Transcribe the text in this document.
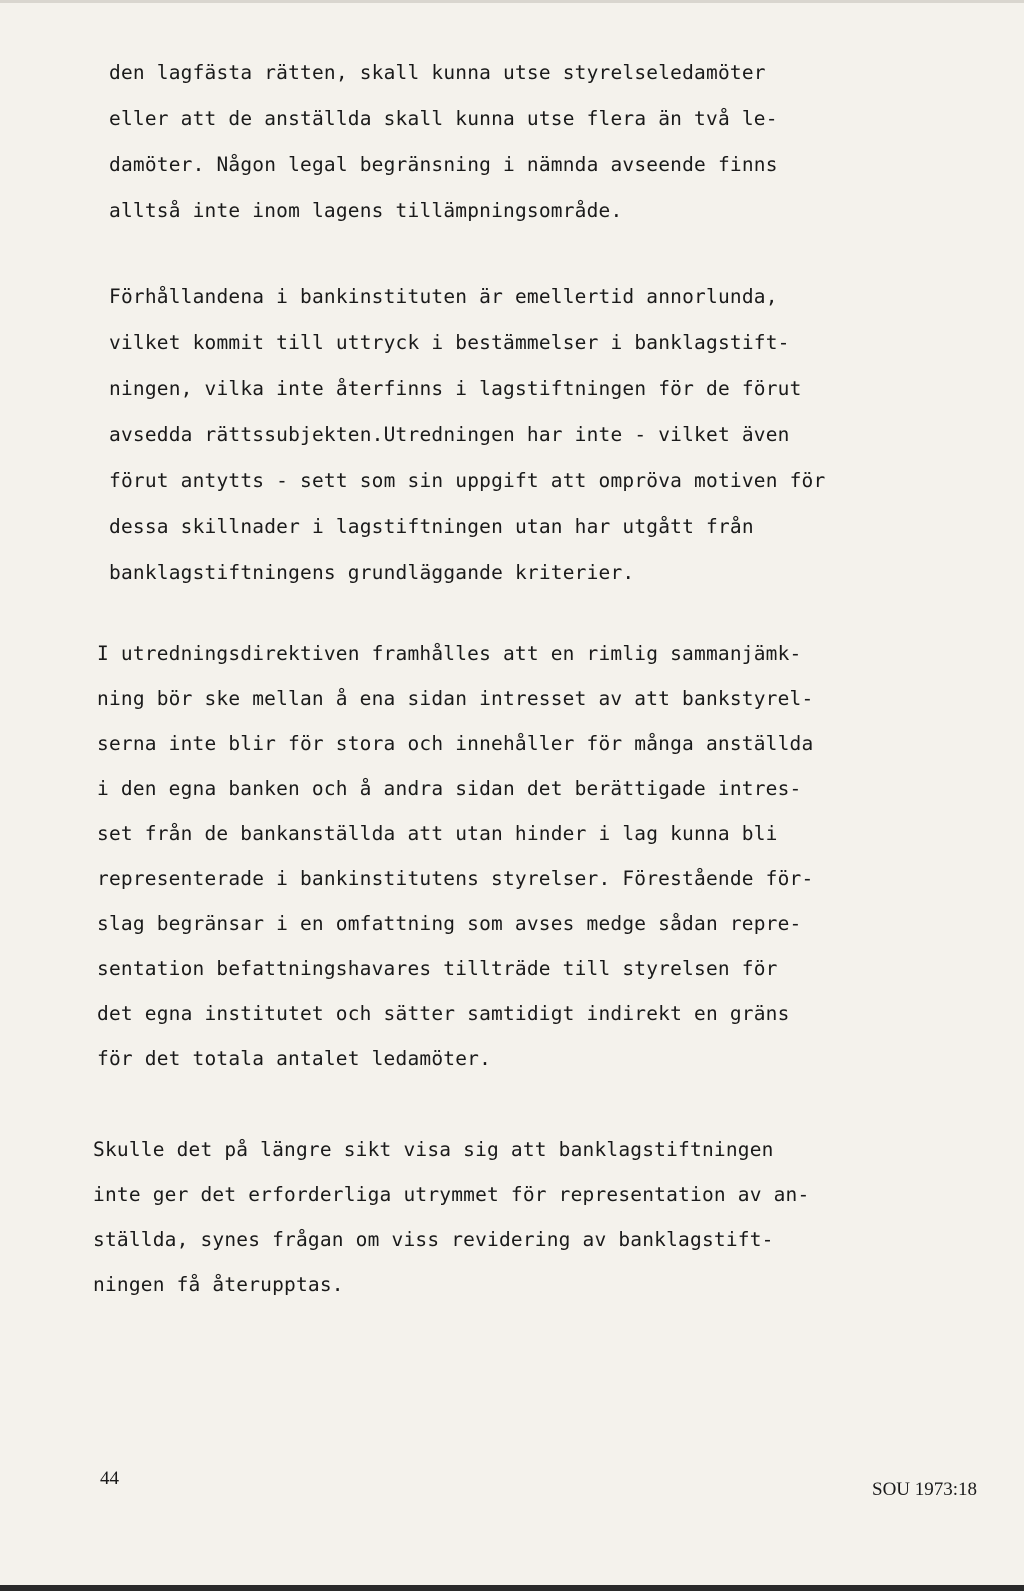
den lagfästa rätten, skall kunna utse styrelseledamöter
eller att de anställda skall kunna utse flera än två le-
damöter. Någon legal begränsning i nämnda avseende finns
alltså inte inom lagens tillämpningsområde.
Förhållandena i bankinstituten är emellertid annorlunda,
vilket kommit till uttryck i bestämmelser i banklagstift-
ningen, vilka inte återfinns i lagstiftningen för de förut
avsedda rättssubjekten.Utredningen har inte - vilket även
förut antytts - sett som sin uppgift att ompröva motiven för
dessa skillnader i lagstiftningen utan har utgått från
banklagstiftningens grundläggande kriterier.
I utredningsdirektiven framhålles att en rimlig sammanjämk-
ning bör ske mellan å ena sidan intresset av att bankstyrel-
serna inte blir för stora och innehåller för många anställda
i den egna banken och å andra sidan det berättigade intres-
set från de bankanställda att utan hinder i lag kunna bli
representerade i bankinstitutens styrelser. Förestående för-
slag begränsar i en omfattning som avses medge sådan repre-
sentation befattningshavares tillträde till styrelsen för
det egna institutet och sätter samtidigt indirekt en gräns
för det totala antalet ledamöter.
Skulle det på längre sikt visa sig att banklagstiftningen
inte ger det erforderliga utrymmet för representation av an-
ställda, synes frågan om viss revidering av banklagstift-
ningen få återupptas.

44

SOU 1973:18
